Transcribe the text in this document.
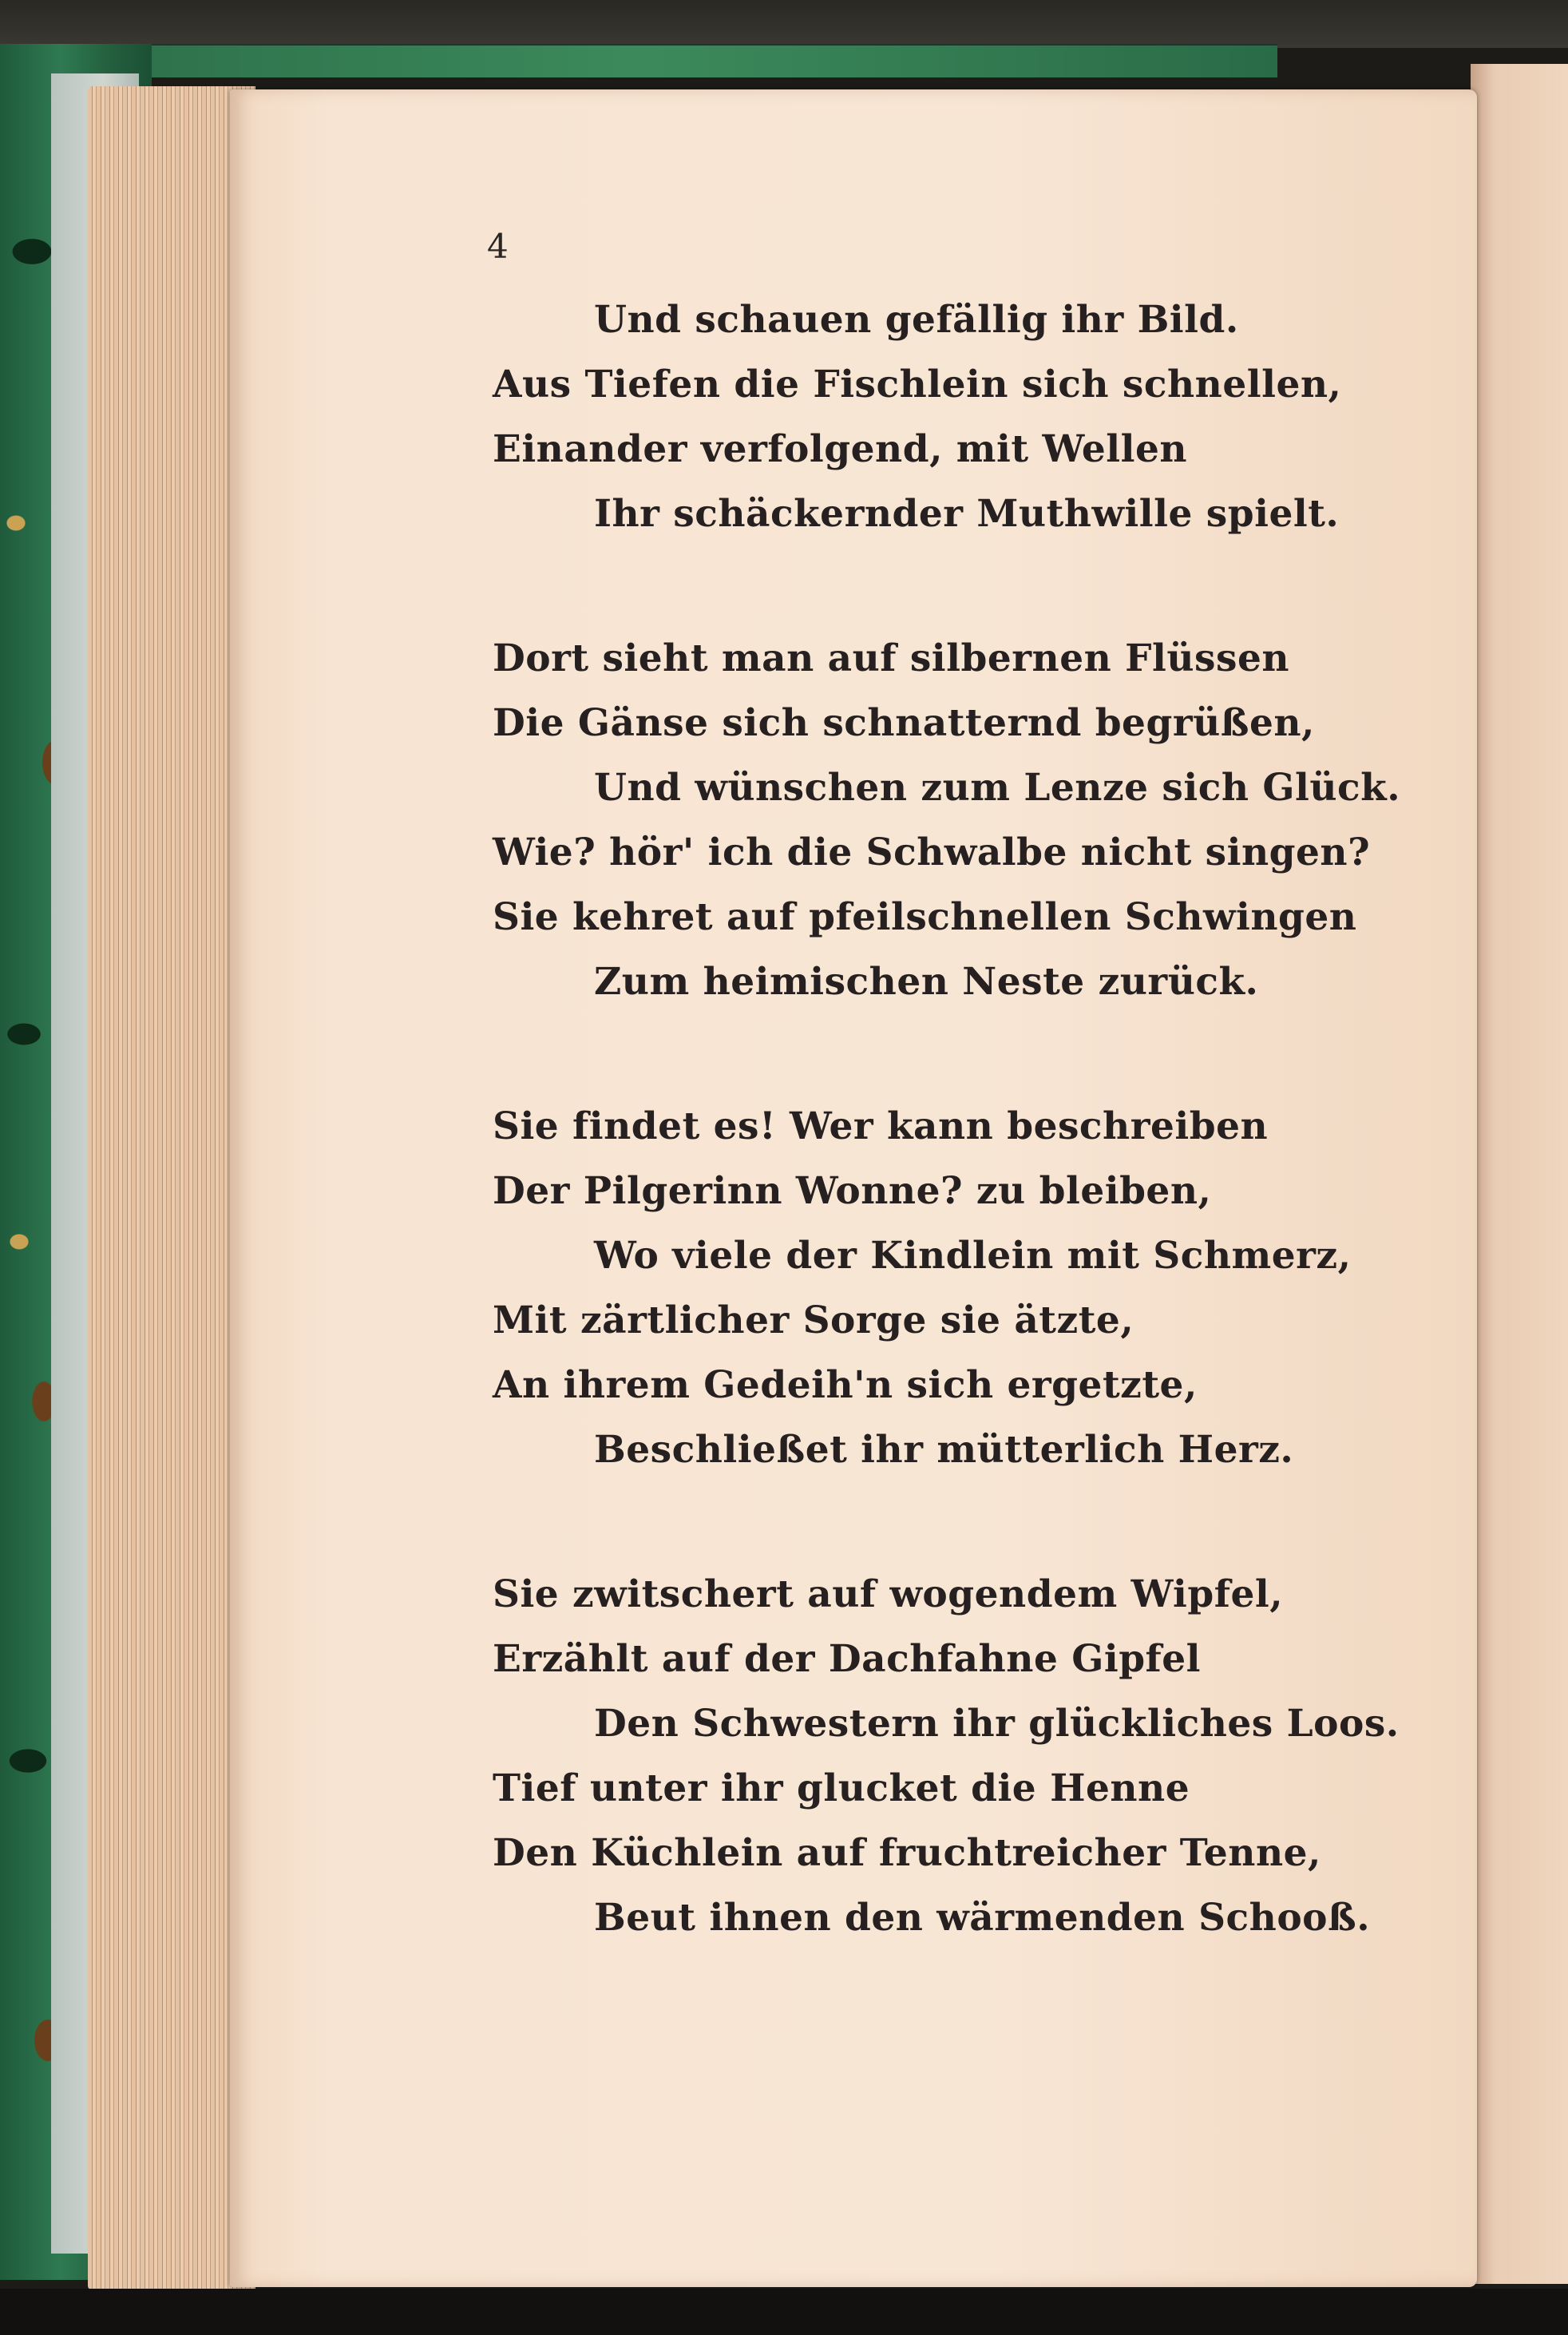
4

Und schauen gefällig ihr Bild.
Aus Tiefen die Fischlein sich schnellen,
Einander verfolgend, mit Wellen
Ihr schäckernder Muthwille spielt.
Dort sieht man auf silbernen Flüssen
Die Gänse sich schnatternd begrüßen,
Und wünschen zum Lenze sich Glück.
Wie? hör' ich die Schwalbe nicht singen?
Sie kehret auf pfeilschnellen Schwingen
Zum heimischen Neste zurück.
Sie findet es! Wer kann beschreiben
Der Pilgerinn Wonne? zu bleiben,
Wo viele der Kindlein mit Schmerz,
Mit zärtlicher Sorge sie ätzte,
An ihrem Gedeih'n sich ergetzte,
Beschließet ihr mütterlich Herz.
Sie zwitschert auf wogendem Wipfel,
Erzählt auf der Dachfahne Gipfel
Den Schwestern ihr glückliches Loos.
Tief unter ihr glucket die Henne
Den Küchlein auf fruchtreicher Tenne,
Beut ihnen den wärmenden Schooß.
